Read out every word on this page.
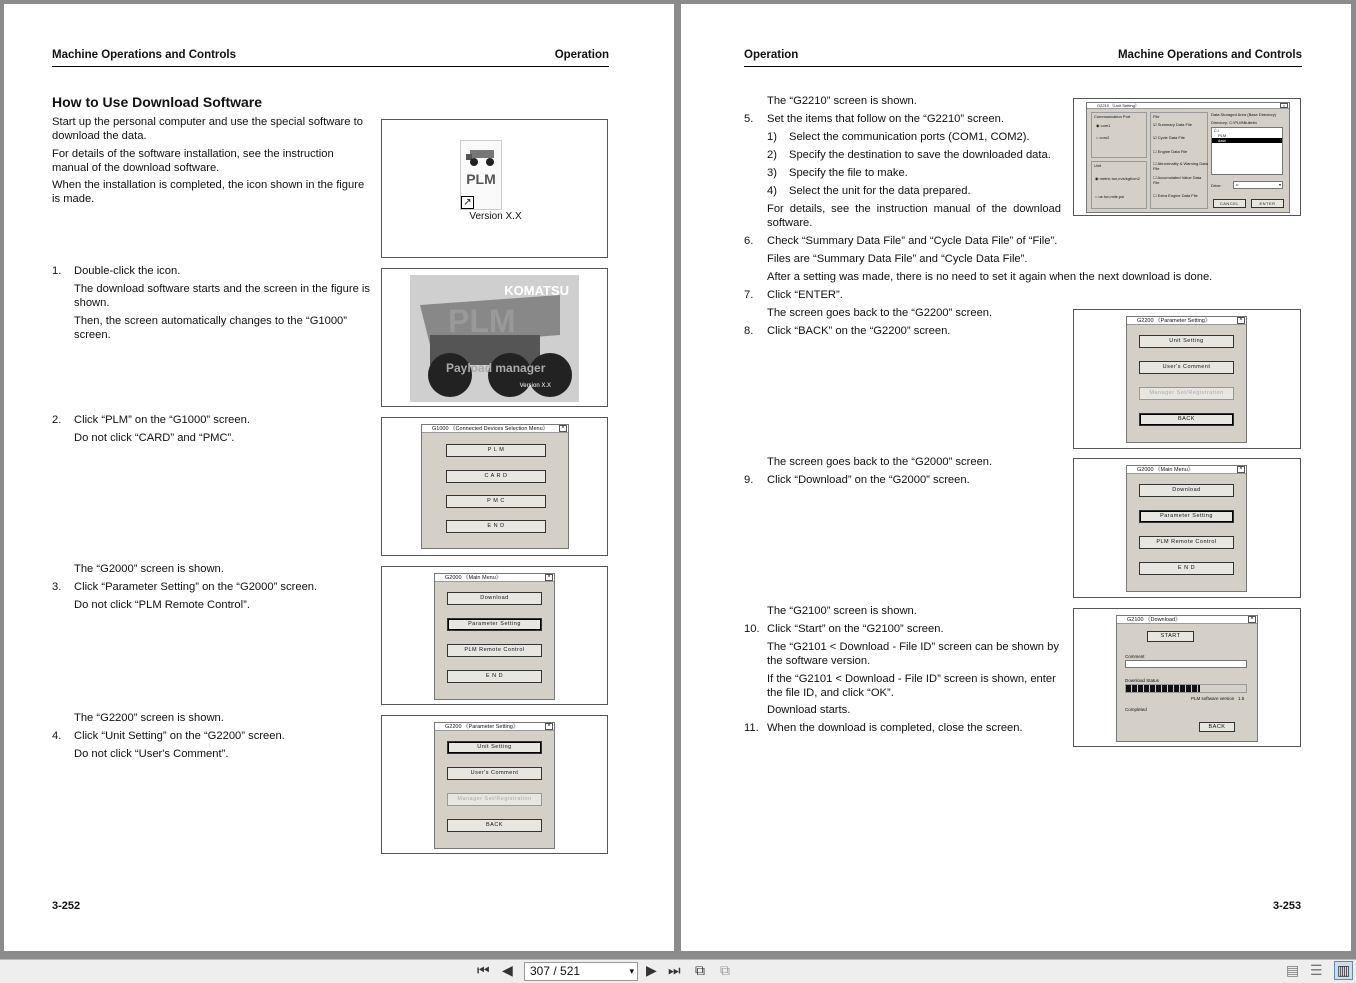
Machine Operations and Controls	Operation
How to Use Download Software
Start up the personal computer and use the special software to download the data.
For details of the software installation, see the instruction manual of the download software.
When the installation is completed, the icon shown in the figure is made.
PLM
↗
Version X.X
1. Double-click the icon.
The download software starts and the screen in the figure is shown.
Then, the screen automatically changes to the “G1000” screen.
KOMATSU
PLM
Payload manager
Version X.X
2. Click “PLM” on the “G1000” screen.
Do not click “CARD” and “PMC”.
G1000 《Connected Devices Selection Menu》	×
P L M
C A R D
P M C
E N D
The “G2000” screen is shown.
3. Click “Parameter Setting” on the “G2000” screen.
Do not click “PLM Remote Control”.
G2000 《Main Menu》	×
Download
Parameter Setting
PLM Remote Control
E N D
The “G2200” screen is shown.
4. Click “Unit Setting” on the “G2200” screen.
Do not click “User's Comment”.
G2200 《Parameter Setting》	×
Unit Setting
User's Comment
Manager Set/Registration
BACK
3-252
Operation	Machine Operations and Controls
The “G2210” screen is shown.
5. Set the items that follow on the “G2210” screen.
1) Select the communication ports (COM1, COM2).
2) Specify the destination to save the downloaded data.
3) Specify the file to make.
4) Select the unit for the data prepared.
For details, see the instruction manual of the download software.
6. Check “Summary Data File” and “Cycle Data File” of “File”.
Files are “Summary Data File” and “Cycle Data File”.
After a setting was made, there is no need to set it again when the next download is done.
7. Click “ENTER”.
The screen goes back to the “G2200” screen.
8. Click “BACK” on the “G2200” screen.
The screen goes back to the “G2000” screen.
9. Click “Download” on the “G2000” screen.
The “G2100” screen is shown.
10. Click “Start” on the “G2100” screen.
The “G2101 < Download - File ID” screen can be shown by the software version.
If the “G2101 < Download - File ID” screen is shown, enter the file ID, and click “OK”.
Download starts.
11. When the download is completed, close the screen.
G2210 《Unit Setting》	×
Communication Port
◉ com1
○ com2
Unit
◉ metric ton,m/s/kgf/cm2
○ us ton,mile,psi
File
☑ Summary Data File
☑ Cycle Data File
☐ Engine Data File
☐ Abnormality & Warning Data File
☐ Accumulated Value Data File
☐ Extra Engine Data File
Data Storaged Area (Base Directory)
Directory: C:\PLM\Bulletin
C:\
PLM
data
Drive:	c:	▾
CANCEL	ENTER
G2200 《Parameter Setting》	×
Unit Setting
User's Comment
Manager Set/Registration
BACK
G2000 《Main Menu》	×
Download
Parameter Setting
PLM Remote Control
E N D
G2100 《Download》	×
START
Comment
Download Status
PLM software version 1.5
Completed
BACK
3-253
⏮ ◀	307 / 521	▾ ▶ ⏭ ⧉ ⧉	▤ ☰ ▥
